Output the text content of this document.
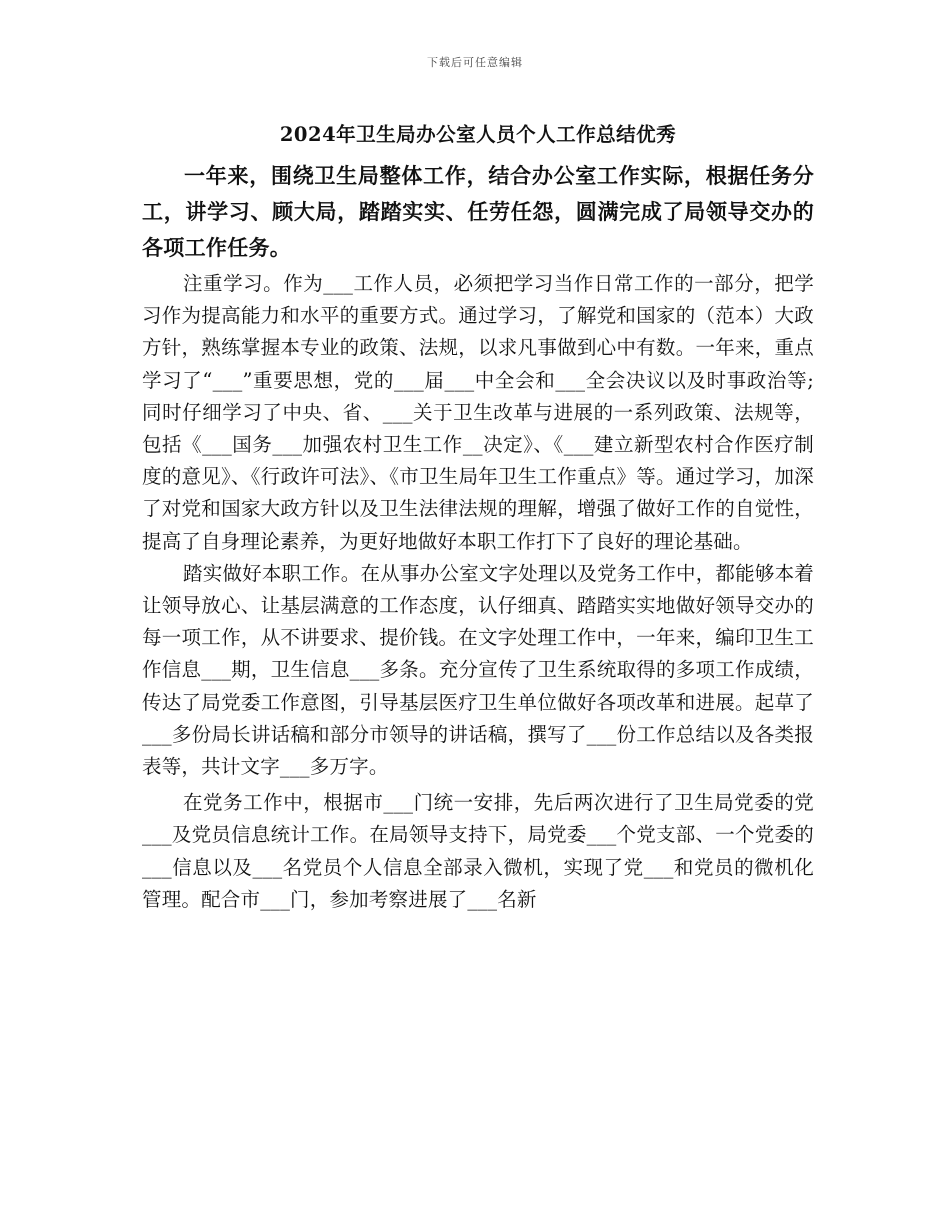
下载后可任意编辑
2024年卫生局办公室人员个人工作总结优秀

一年来，围绕卫生局整体工作，结合办公室工作实际，根据任务分工，讲学习、顾大局，踏踏实实、任劳任怨，圆满完成了局领导交办的各项工作任务。

注重学习。作为___工作人员，必须把学习当作日常工作的一部分，把学习作为提高能力和水平的重要方式。通过学习，了解党和国家的（范本）大政方针，熟练掌握本专业的政策、法规，以求凡事做到心中有数。一年来，重点学习了“___”重要思想，党的___届___中全会和___全会决议以及时事政治等;同时仔细学习了中央、省、___关于卫生改革与进展的一系列政策、法规等，包括《___国务___加强农村卫生工作__决定》、《___建立新型农村合作医疗制度的意见》、《行政许可法》、《市卫生局年卫生工作重点》等。通过学习，加深了对党和国家大政方针以及卫生法律法规的理解，增强了做好工作的自觉性，提高了自身理论素养，为更好地做好本职工作打下了良好的理论基础。

踏实做好本职工作。在从事办公室文字处理以及党务工作中，都能够本着让领导放心、让基层满意的工作态度，认仔细真、踏踏实实地做好领导交办的每一项工作，从不讲要求、提价钱。在文字处理工作中，一年来，编印卫生工作信息___期，卫生信息___多条。充分宣传了卫生系统取得的多项工作成绩，传达了局党委工作意图，引导基层医疗卫生单位做好各项改革和进展。起草了___多份局长讲话稿和部分市领导的讲话稿，撰写了___份工作总结以及各类报表等，共计文字___多万字。

在党务工作中，根据市___门统一安排，先后两次进行了卫生局党委的党___及党员信息统计工作。在局领导支持下，局党委___个党支部、一个党委的___信息以及___名党员个人信息全部录入微机，实现了党___和党员的微机化管理。配合市___门，参加考察进展了___名新
